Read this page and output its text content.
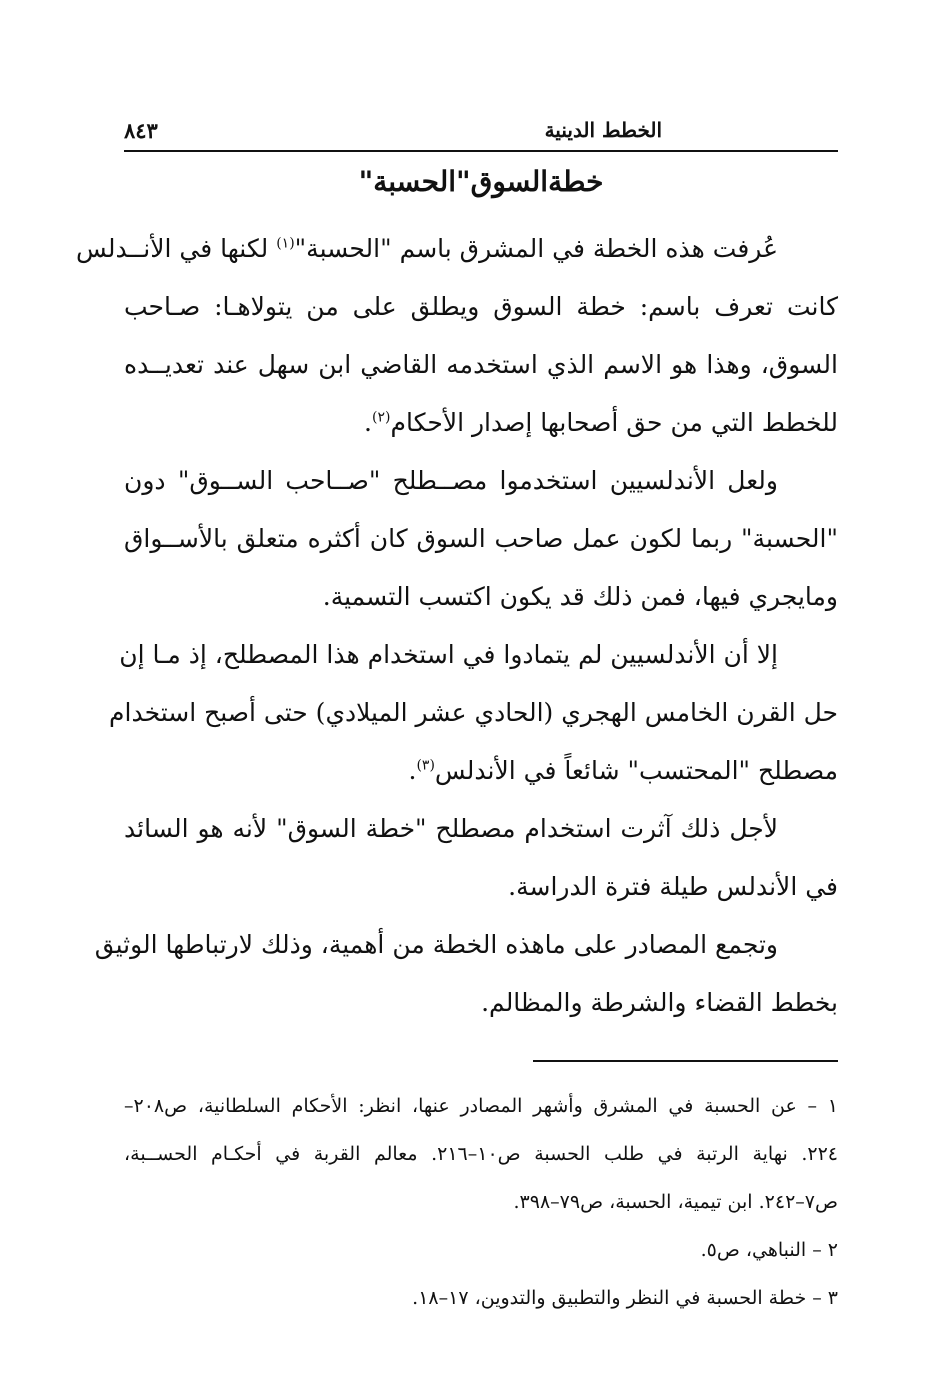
الخطط الدينية
٨٤٣
خطةالسوق"الحسبة"
عُرفت هذه الخطة في المشرق باسم "الحسبة"$^{(١)}$ لكنها في الأنــدلس
كانت تعرف باسم: خطة السوق ويطلق على من يتولاهـا: صـاحب
السوق، وهذا هو الاسم الذي استخدمه القاضي ابن سهل عند تعديــده
للخطط التي من حق أصحابها إصدار الأحكام$^{(٢)}$.
ولعل الأندلسيين استخدموا مصــطلح "صــاحب الســوق" دون
"الحسبة" ربما لكون عمل صاحب السوق كان أكثره متعلق بالأســواق
ومايجري فيها، فمن ذلك قد يكون اكتسب التسمية.
إلا أن الأندلسيين لم يتمادوا في استخدام هذا المصطلح، إذ مـا إن
حل القرن الخامس الهجري (الحادي عشر الميلادي) حتى أصبح استخدام
مصطلح "المحتسب" شائعاً في الأندلس$^{(٣)}$.
لأجل ذلك آثرت استخدام مصطلح "خطة السوق" لأنه هو السائد
في الأندلس طيلة فترة الدراسة.
وتجمع المصادر على ماهذه الخطة من أهمية، وذلك لارتباطها الوثيق
بخطط القضاء والشرطة والمظالم.
١ – عن الحسبة في المشرق وأشهر المصادر عنها، انظر: الأحكام السلطانية، ص٢٠٨–
٢٢٤. نهاية الرتبة في طلب الحسبة ص١٠–٢١٦. معالم القربة في أحكـام الحســبة،
ص٧–٢٤٢. ابن تيمية، الحسبة، ص٧٩–٣٩٨.
٢ – النباهي، ص٥.
٣ – خطة الحسبة في النظر والتطبيق والتدوين، ١٧–١٨.
